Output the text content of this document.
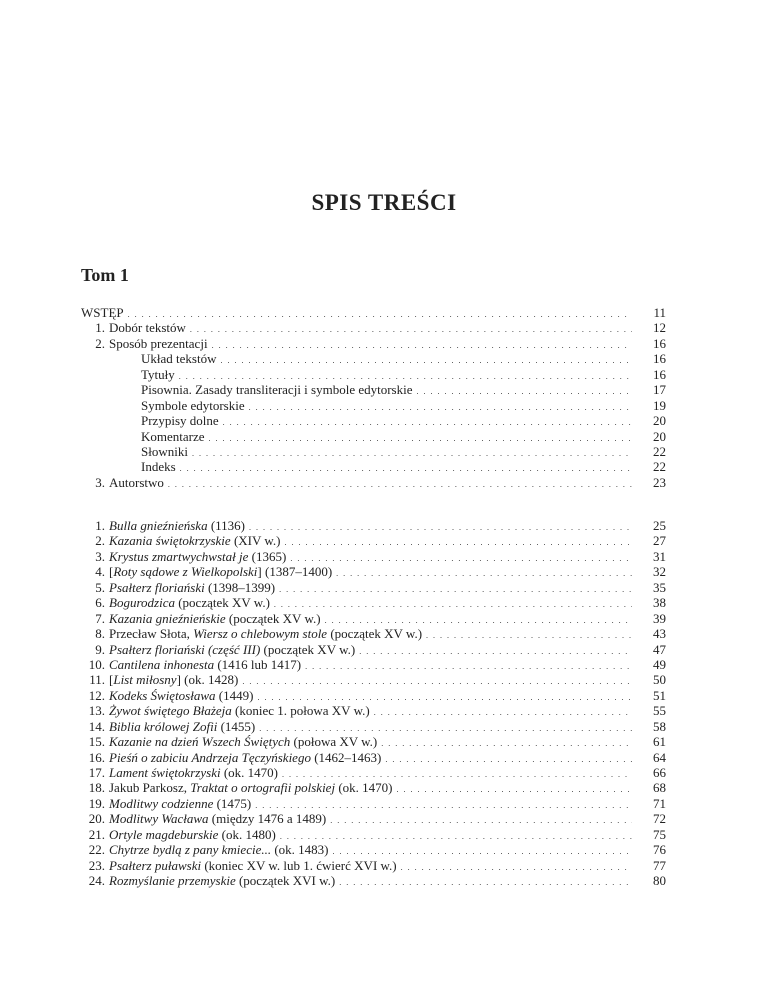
SPIS TREŚCI
Tom 1
WSTĘP . . .	11
1. Dobór tekstów . . .	12
2. Sposób prezentacji . . .	16
Układ tekstów . . .	16
Tytuły . . .	16
Pisownia. Zasady transliteracji i symbole edytorskie . . .	17
Symbole edytorskie . . .	19
Przypisy dolne . . .	20
Komentarze . . .	20
Słowniki . . .	22
Indeks . . .	22
3. Autorstwo . . .	23
1. Bulla gnieźnieńska (1136) . . .	25
2. Kazania świętokrzyskie (XIV w.) . . .	27
3. Krystus zmartwychwstał je (1365) . . .	31
4. [Roty sądowe z Wielkopolski] (1387–1400) . . .	32
5. Psałterz floriański (1398–1399) . . .	35
6. Bogurodzica (początek XV w.) . . .	38
7. Kazania gnieźnieńskie (początek XV w.) . . .	39
8. Przecław Słota, Wiersz o chlebowym stole (początek XV w.) . . .	43
9. Psałterz floriański (część III) (początek XV w.) . . .	47
10. Cantilena inhonesta (1416 lub 1417) . . .	49
11. [List miłosny] (ok. 1428) . . .	50
12. Kodeks Świętosława (1449) . . .	51
13. Żywot świętego Błażeja (koniec 1. połowa XV w.) . . .	55
14. Biblia królowej Zofii (1455) . . .	58
15. Kazanie na dzień Wszech Świętych (połowa XV w.) . . .	61
16. Pieśń o zabiciu Andrzeja Tęczyńskiego (1462–1463) . . .	64
17. Lament świętokrzyski (ok. 1470) . . .	66
18. Jakub Parkosz, Traktat o ortografii polskiej (ok. 1470) . . .	68
19. Modlitwy codzienne (1475) . . .	71
20. Modlitwy Wacława (między 1476 a 1489) . . .	72
21. Ortyle magdeburskie (ok. 1480) . . .	75
22. Chytrze bydlą z pany kmiecie... (ok. 1483) . . .	76
23. Psałterz puławski (koniec XV w. lub 1. ćwierć XVI w.) . . .	77
24. Rozmyślanie przemyskie (początek XVI w.) . . .	80
